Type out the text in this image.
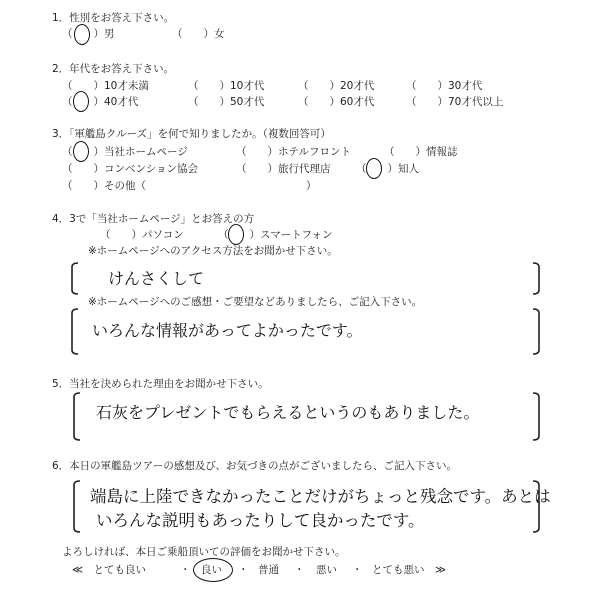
1．性別をお答え下さい。
（　　）男	（　　）女
2．年代をお答え下さい。
（　　）10才未満	（　　）10才代	（　　）20才代	（　　）30才代
（　　）40才代	（　　）50才代	（　　）60才代	（　　）70才代以上
3．「軍艦島クルーズ」を何で知りましたか。（複数回答可）
（　　）当社ホームページ	（　　）ホテルフロント	（　　）情報誌
（　　）コンベンション協会	（　　）旅行代理店 （　　）知人
（　　）その他（	）
4．3で「当社ホームページ」とお答えの方
（　　）パソコン	（　　）スマートフォン
※ホームページへのアクセス方法をお聞かせ下さい。
けんさくして
※ホームページへのご感想・ご要望などありましたら、ご記入下さい。
いろんな情報があってよかったです。
5．当社を決められた理由をお聞かせ下さい。
石灰をプレゼントでもらえるというのもありました。
6．本日の軍艦島ツアーの感想及び、お気づきの点がございましたら、ご記入下さい。
端島に上陸できなかったことだけがちょっと残念です。あとは
いろんな説明もあったりして良かったです。
よろしければ、本日ご乗船頂いての評価をお聞かせ下さい。
≪　とても良い	・ 良い ・ 普通 ・ 悪い ・ とても悪い　≫
